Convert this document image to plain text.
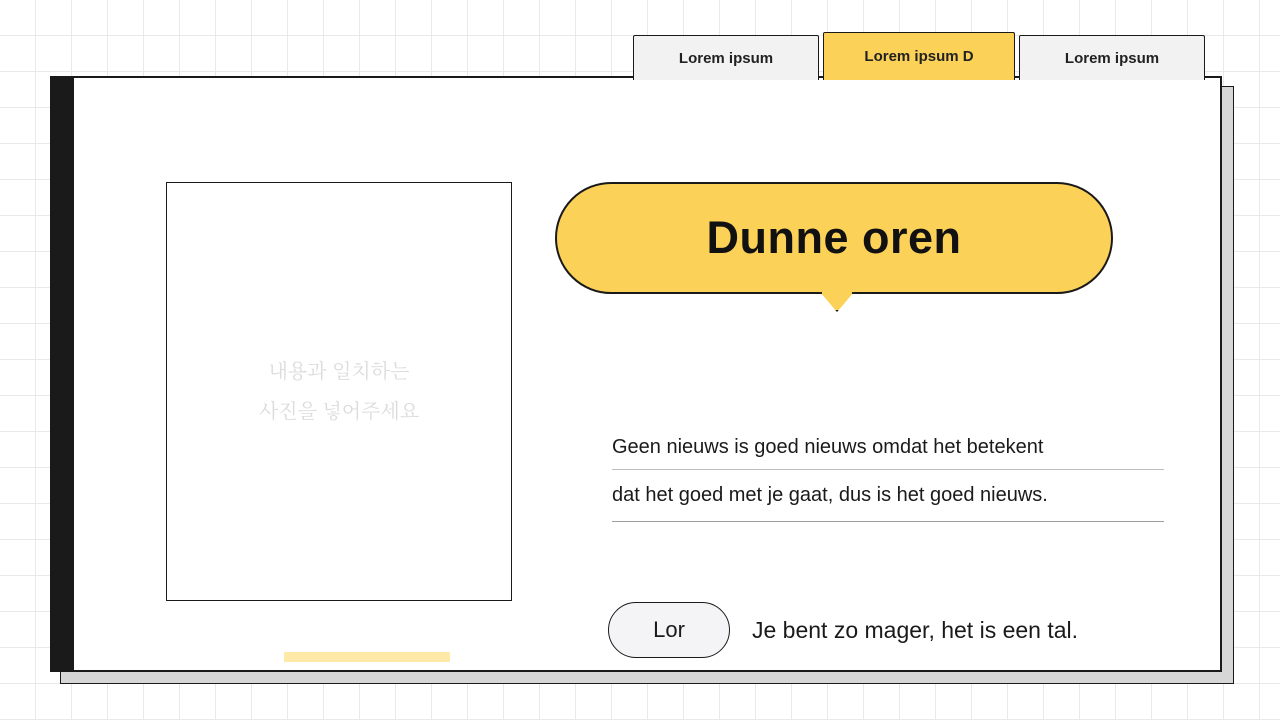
Lorem ipsum	Lorem ipsum D	Lorem ipsum
내용과 일치하는
사진을 넣어주세요
Dunne oren
Geen nieuws is goed nieuws omdat het betekent
dat het goed met je gaat, dus is het goed nieuws.
Lor	Je bent zo mager, het is een tal.
